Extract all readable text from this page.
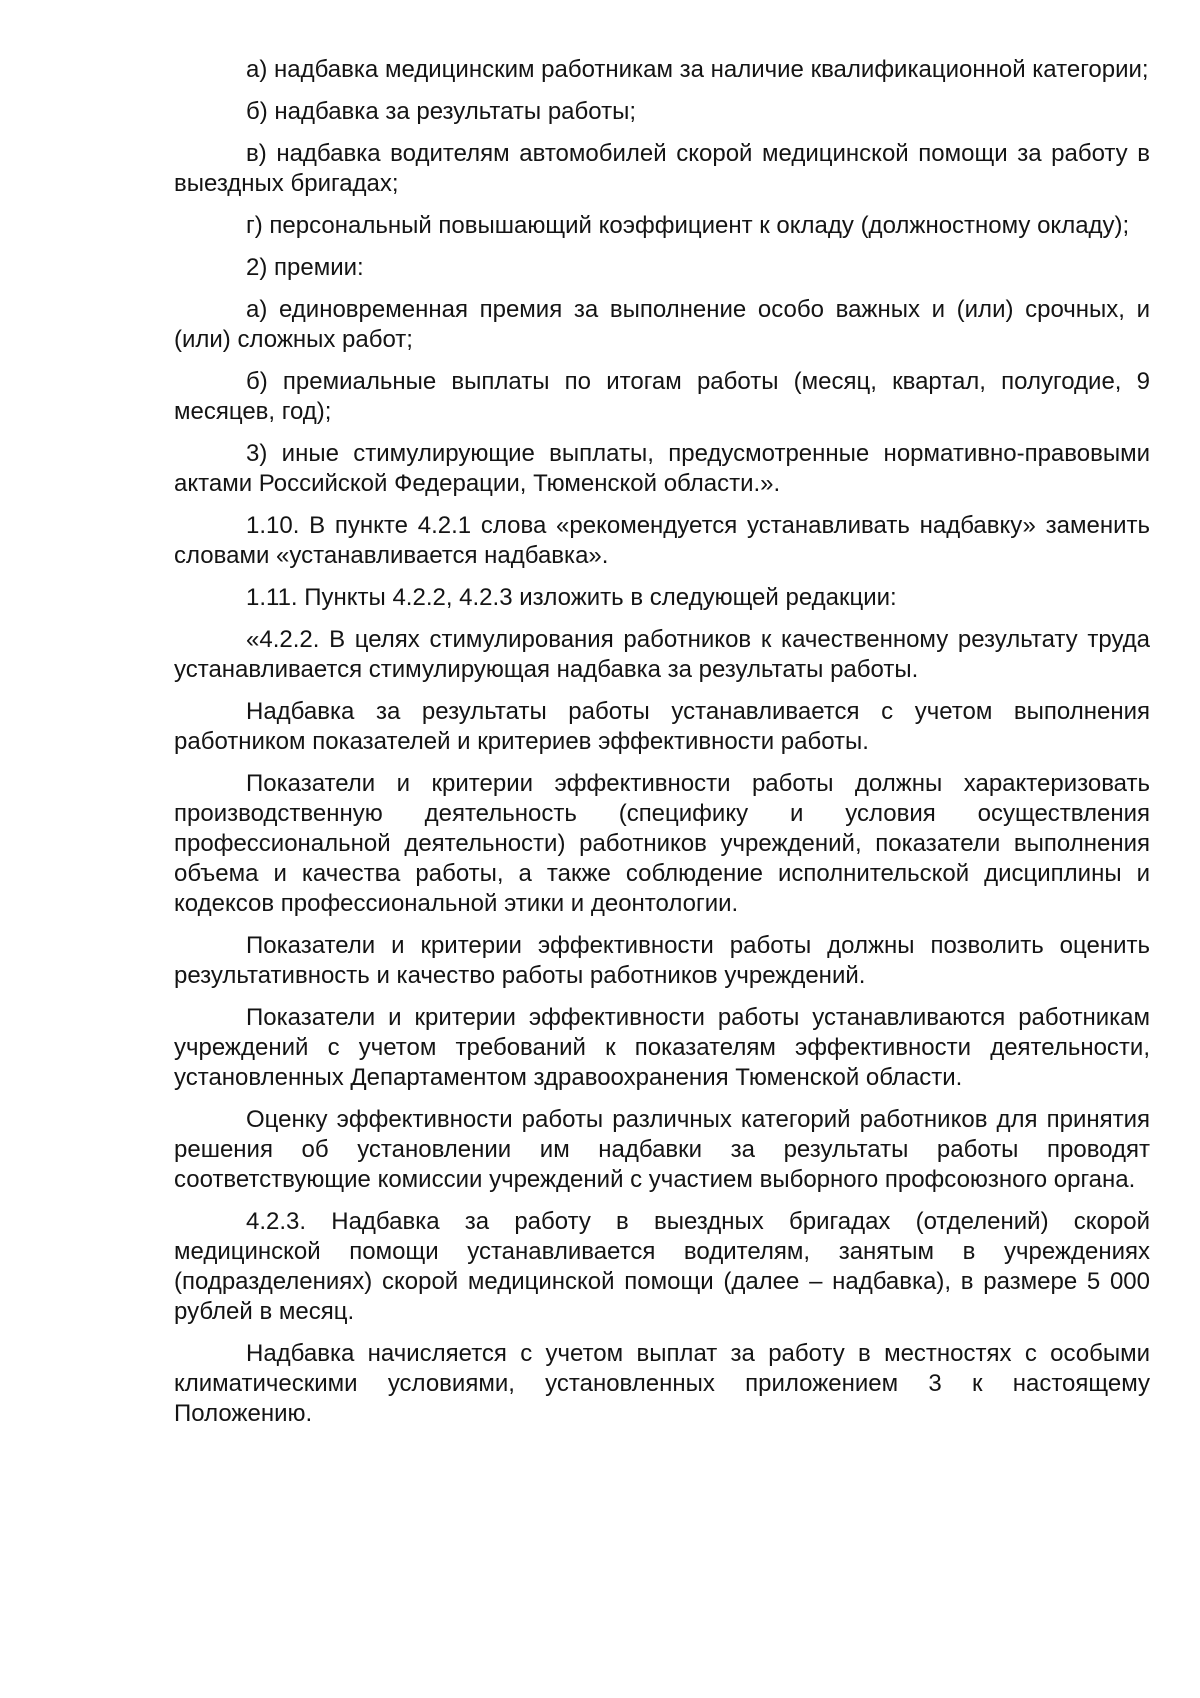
а) надбавка медицинским работникам за наличие квалификационной категории;

б) надбавка за результаты работы;

в) надбавка водителям автомобилей скорой медицинской помощи за работу в выездных бригадах;

г) персональный повышающий коэффициент к окладу (должностному окладу);

2) премии:

а) единовременная премия за выполнение особо важных и (или) срочных, и (или) сложных работ;

б) премиальные выплаты по итогам работы (месяц, квартал, полугодие, 9 месяцев, год);

3) иные стимулирующие выплаты, предусмотренные нормативно-правовыми актами Российской Федерации, Тюменской области.».

1.10. В пункте 4.2.1 слова «рекомендуется устанавливать надбавку» заменить словами «устанавливается надбавка».

1.11. Пункты 4.2.2, 4.2.3 изложить в следующей редакции:

«4.2.2. В целях стимулирования работников к качественному результату труда устанавливается стимулирующая надбавка за результаты работы.

Надбавка за результаты работы устанавливается с учетом выполнения работником показателей и критериев эффективности работы.

Показатели и критерии эффективности работы должны характеризовать производственную деятельность (специфику и условия осуществления профессиональной деятельности) работников учреждений, показатели выполнения объема и качества работы, а также соблюдение исполнительской дисциплины и кодексов профессиональной этики и деонтологии.

Показатели и критерии эффективности работы должны позволить оценить результативность и качество работы работников учреждений.

Показатели и критерии эффективности работы устанавливаются работникам учреждений с учетом требований к показателям эффективности деятельности, установленных Департаментом здравоохранения Тюменской области.

Оценку эффективности работы различных категорий работников для принятия решения об установлении им надбавки за результаты работы проводят соответствующие комиссии учреждений с участием выборного профсоюзного органа.

4.2.3. Надбавка за работу в выездных бригадах (отделений) скорой медицинской помощи устанавливается водителям, занятым в учреждениях (подразделениях) скорой медицинской помощи (далее – надбавка), в размере 5 000 рублей в месяц.

Надбавка начисляется с учетом выплат за работу в местностях с особыми климатическими условиями, установленных приложением 3 к настоящему Положению.
